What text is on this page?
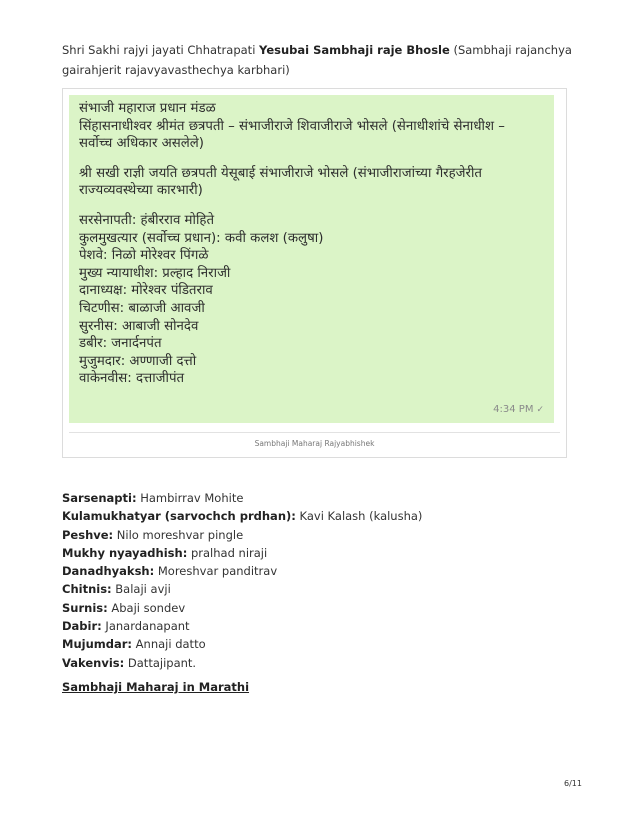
Shri Sakhi rajyi jayati Chhatrapati Yesubai Sambhaji raje Bhosle (Sambhaji rajanchya gairahjerit rajavyavasthechya karbhari)
संभाजी महाराज प्रधान मंडळ
सिंहासनाधीश्वर श्रीमंत छत्रपती – संभाजीराजे शिवाजीराजे भोसले (सेनाधीशांचे सेनाधीश –
सर्वोच्च अधिकार असलेले)
श्री सखी राज्ञी जयति छत्रपती येसूबाई संभाजीराजे भोसले (संभाजीराजांच्या गैरहजेरीत
राज्यव्यवस्थेच्या कारभारी)
सरसेनापती: हंबीरराव मोहिते
कुलमुखत्यार (सर्वोच्च प्रधान): कवी कलश (कलुषा)
पेशवे: निळो मोरेश्वर पिंगळे
मुख्य न्यायाधीश: प्रल्हाद निराजी
दानाध्यक्ष: मोरेश्वर पंडितराव
चिटणीस: बाळाजी आवजी
सुरनीस: आबाजी सोनदेव
डबीर: जनार्दनपंत
मुजुमदार: अण्णाजी दत्तो
वाकेनवीस: दत्ताजीपंत
4:34 PM ✓
Sambhaji Maharaj Rajyabhishek
Sarsenapti: Hambirrav Mohite
Kulamukhatyar (sarvochch prdhan): Kavi Kalash (kalusha)
Peshve: Nilo moreshvar pingle
Mukhy nyayadhish: pralhad niraji
Danadhyaksh: Moreshvar panditrav
Chitnis: Balaji avji
Surnis: Abaji sondev
Dabir: Janardanapant
Mujumdar: Annaji datto
Vakenvis: Dattajipant.
Sambhaji Maharaj in Marathi
6/11
